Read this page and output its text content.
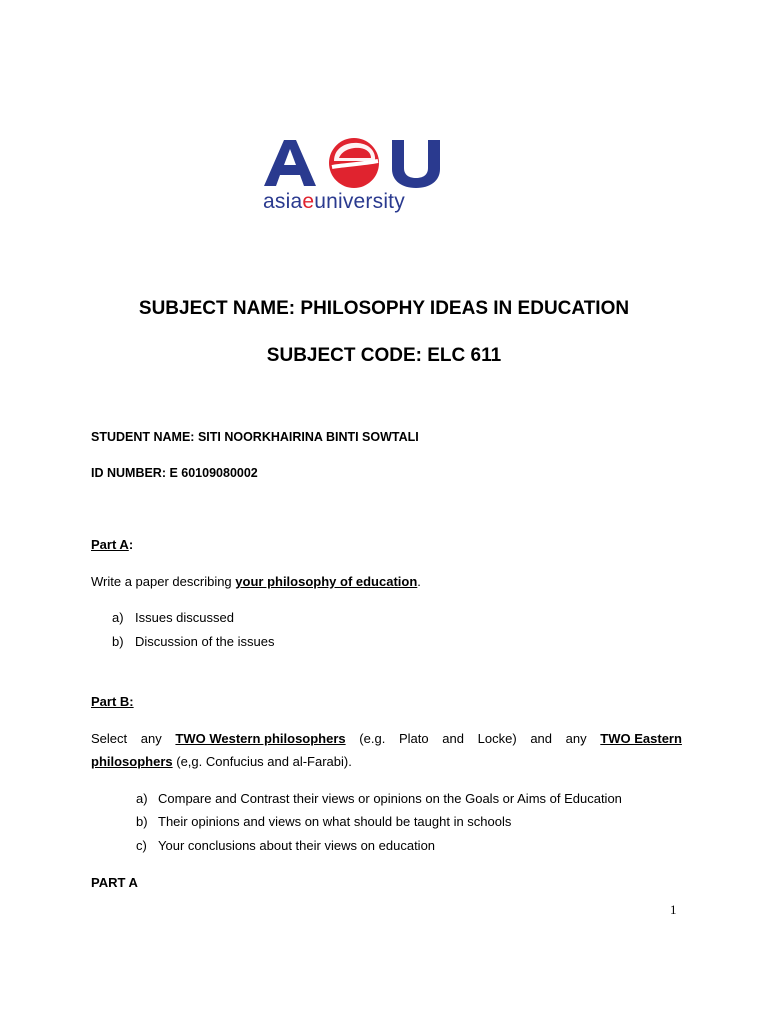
asiaeuniversity
SUBJECT NAME: PHILOSOPHY IDEAS IN EDUCATION
SUBJECT CODE: ELC 611
STUDENT NAME: SITI NOORKHAIRINA BINTI SOWTALI
ID NUMBER: E 60109080002
Part A:
Write a paper describing your philosophy of education.
a) Issues discussed
b) Discussion of the issues
Part B:
Select any TWO Western philosophers (e.g. Plato and Locke) and any TWO Eastern
philosophers (e,g. Confucius and al-Farabi).
a) Compare and Contrast their views or opinions on the Goals or Aims of Education
b) Their opinions and views on what should be taught in schools
c) Your conclusions about their views on education
PART A
1
